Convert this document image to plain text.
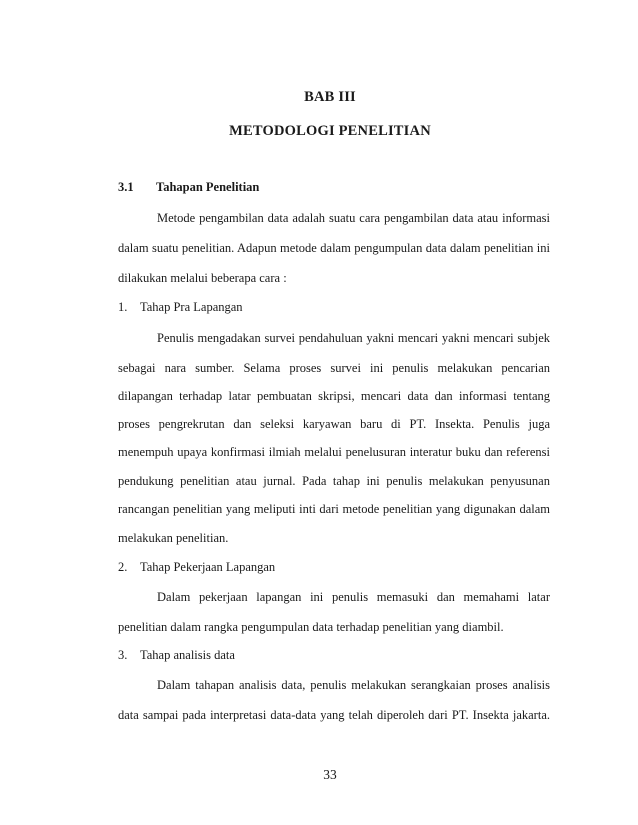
BAB III
METODOLOGI PENELITIAN
3.1 Tahapan Penelitian
Metode pengambilan data adalah suatu cara pengambilan data atau informasi
dalam suatu penelitian. Adapun metode dalam pengumpulan data dalam penelitian ini
dilakukan melalui beberapa cara :
1. Tahap Pra Lapangan
Penulis mengadakan survei pendahuluan yakni mencari yakni mencari subjek
sebagai nara sumber. Selama proses survei ini penulis melakukan pencarian
dilapangan terhadap latar pembuatan skripsi, mencari data dan informasi tentang
proses pengrekrutan dan seleksi karyawan baru di PT. Insekta. Penulis juga
menempuh upaya konfirmasi ilmiah melalui penelusuran interatur buku dan referensi
pendukung penelitian atau jurnal. Pada tahap ini penulis melakukan penyusunan
rancangan penelitian yang meliputi inti dari metode penelitian yang digunakan dalam
melakukan penelitian.
2. Tahap Pekerjaan Lapangan
Dalam pekerjaan lapangan ini penulis memasuki dan memahami latar
penelitian dalam rangka pengumpulan data terhadap penelitian yang diambil.
3. Tahap analisis data
Dalam tahapan analisis data, penulis melakukan serangkaian proses analisis
data sampai pada interpretasi data-data yang telah diperoleh dari PT. Insekta jakarta.
33
